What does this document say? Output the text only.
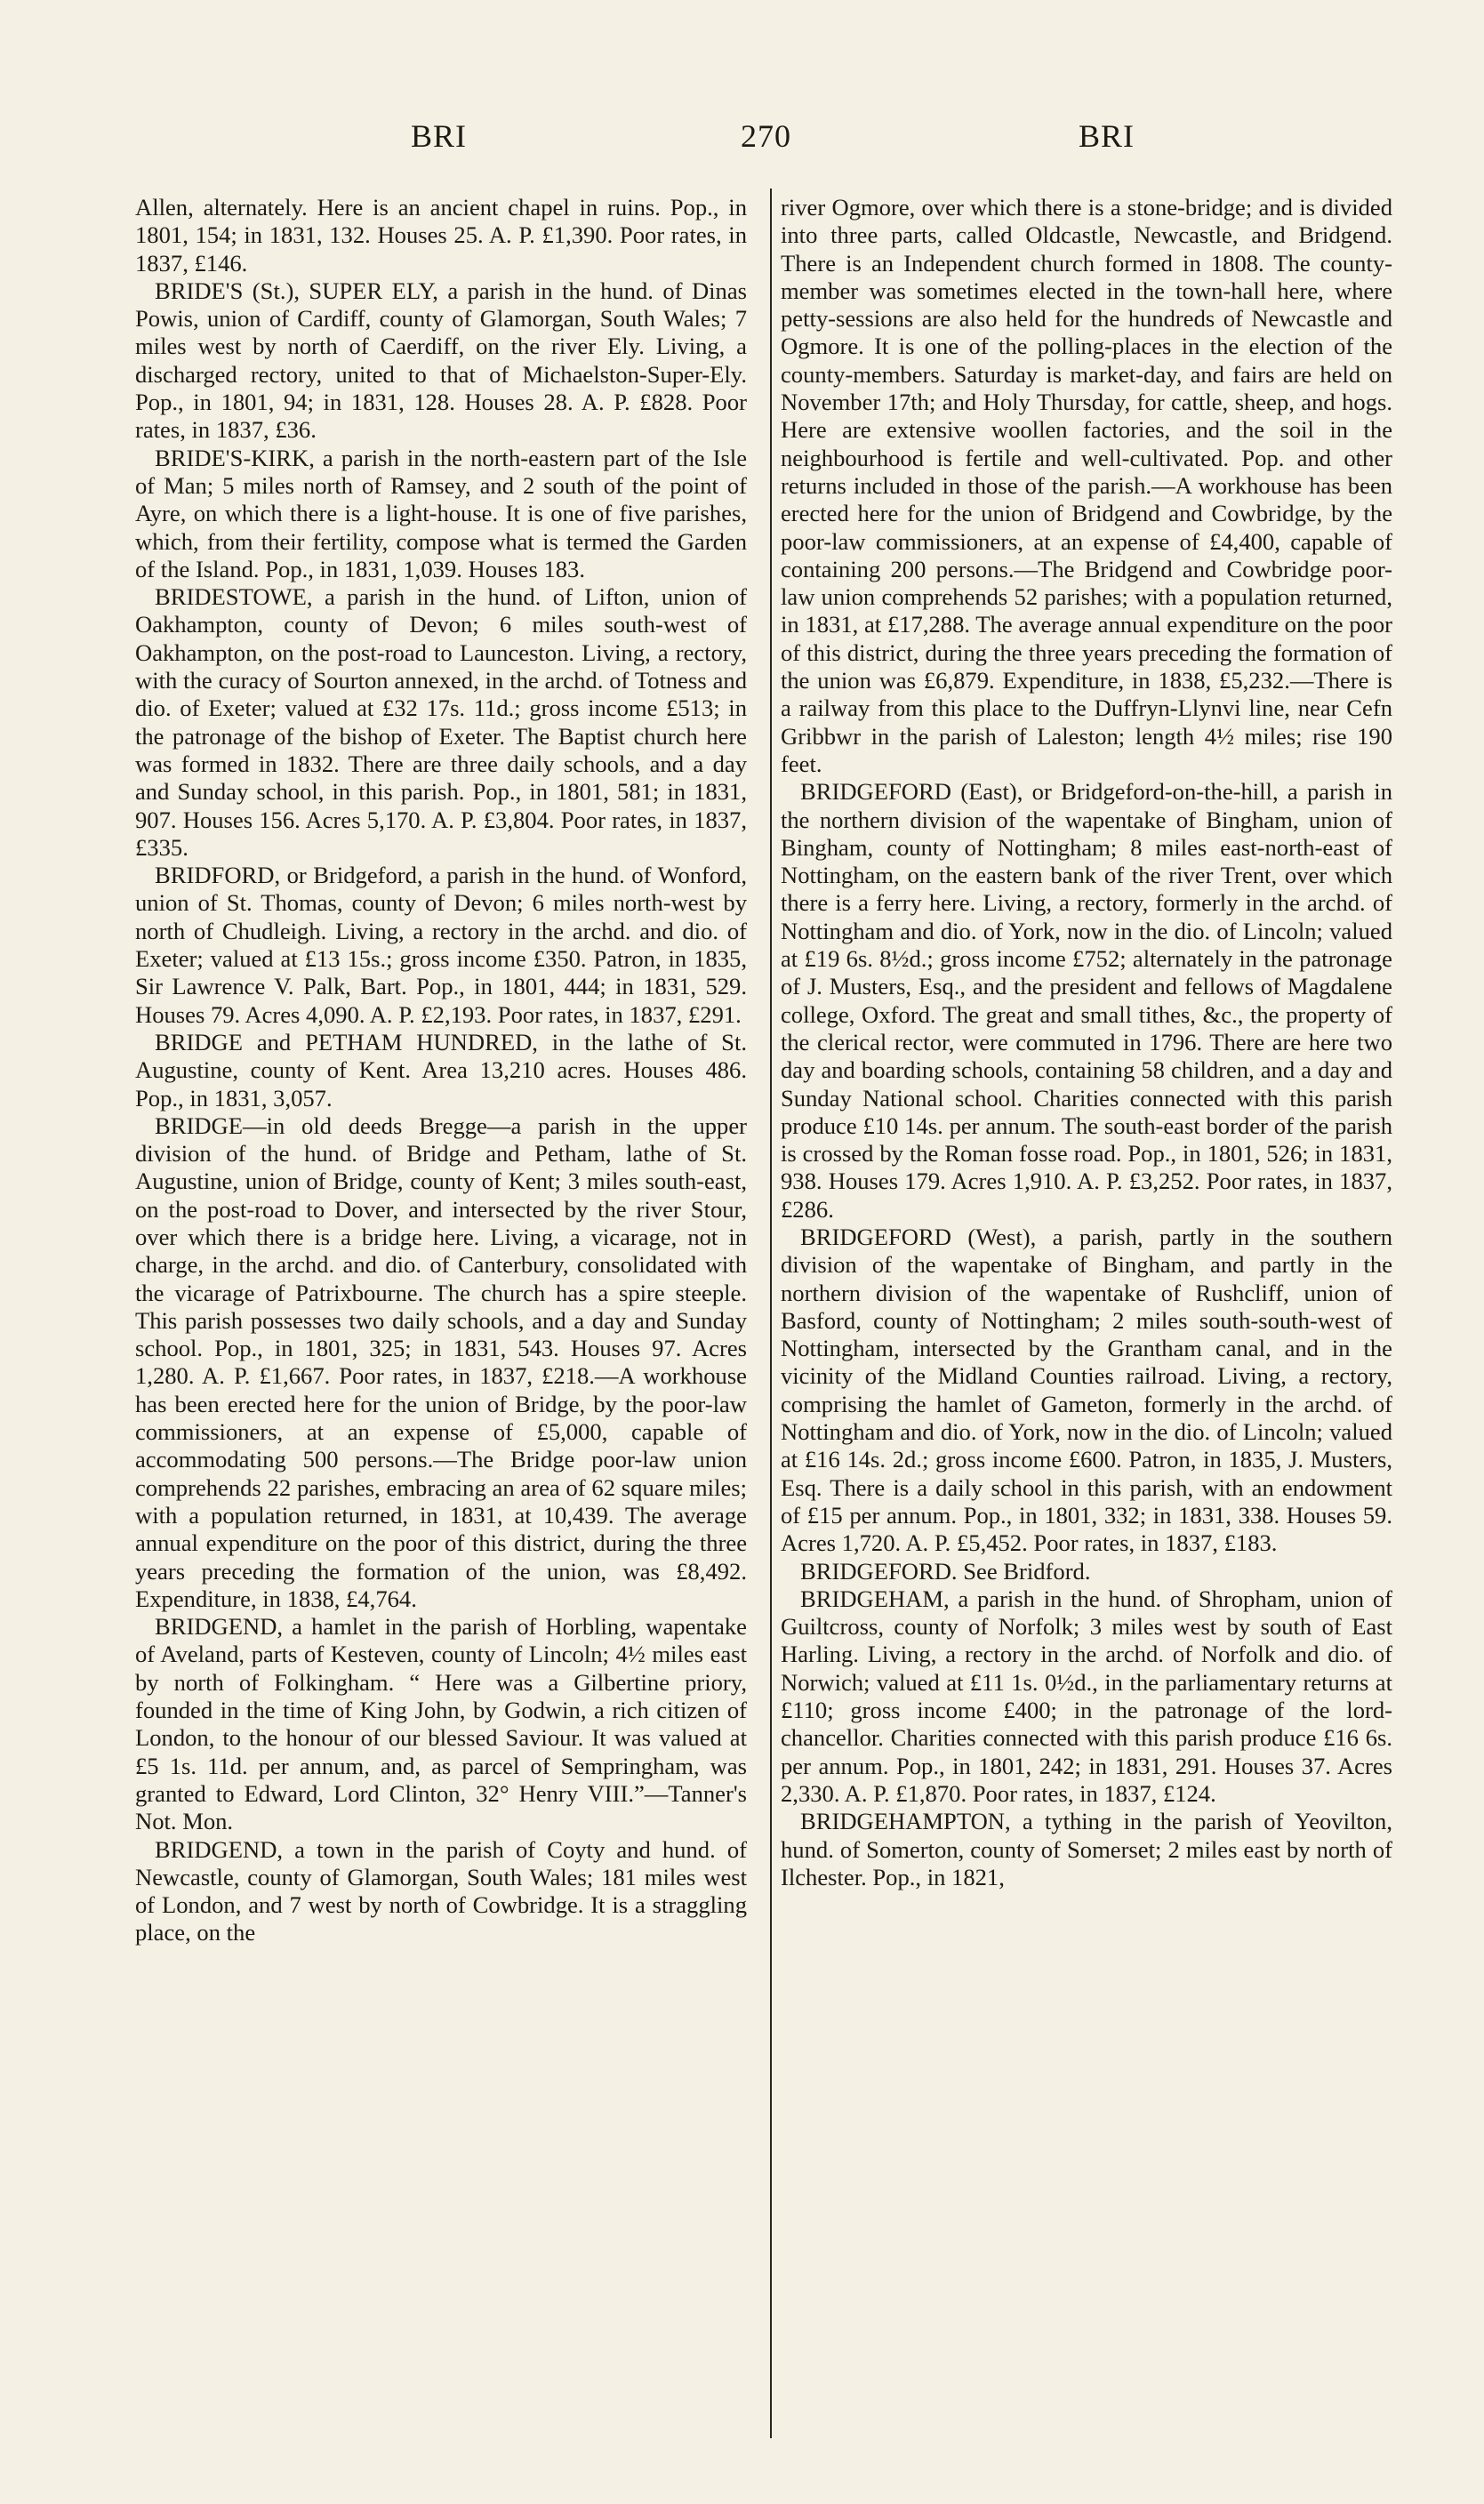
BRI	270	BRI

Allen, alternately. Here is an ancient chapel in ruins. Pop., in 1801, 154; in 1831, 132. Houses 25. A. P. £1,390. Poor rates, in 1837, £146.

BRIDE'S (St.), SUPER ELY, a parish in the hund. of Dinas Powis, union of Cardiff, county of Glamorgan, South Wales; 7 miles west by north of Caerdiff, on the river Ely. Living, a discharged rectory, united to that of Michaelston-Super-Ely. Pop., in 1801, 94; in 1831, 128. Houses 28. A. P. £828. Poor rates, in 1837, £36.

BRIDE'S-KIRK, a parish in the north-eastern part of the Isle of Man; 5 miles north of Ramsey, and 2 south of the point of Ayre, on which there is a light-house. It is one of five parishes, which, from their fertility, compose what is termed the Garden of the Island. Pop., in 1831, 1,039. Houses 183.

BRIDESTOWE, a parish in the hund. of Lifton, union of Oakhampton, county of Devon; 6 miles south-west of Oakhampton, on the post-road to Launceston. Living, a rectory, with the curacy of Sourton annexed, in the archd. of Totness and dio. of Exeter; valued at £32 17s. 11d.; gross income £513; in the patronage of the bishop of Exeter. The Baptist church here was formed in 1832. There are three daily schools, and a day and Sunday school, in this parish. Pop., in 1801, 581; in 1831, 907. Houses 156. Acres 5,170. A. P. £3,804. Poor rates, in 1837, £335.

BRIDFORD, or Bridgeford, a parish in the hund. of Wonford, union of St. Thomas, county of Devon; 6 miles north-west by north of Chudleigh. Living, a rectory in the archd. and dio. of Exeter; valued at £13 15s.; gross income £350. Patron, in 1835, Sir Lawrence V. Palk, Bart. Pop., in 1801, 444; in 1831, 529. Houses 79. Acres 4,090. A. P. £2,193. Poor rates, in 1837, £291.

BRIDGE and PETHAM HUNDRED, in the lathe of St. Augustine, county of Kent. Area 13,210 acres. Houses 486. Pop., in 1831, 3,057.

BRIDGE—in old deeds Bregge—a parish in the upper division of the hund. of Bridge and Petham, lathe of St. Augustine, union of Bridge, county of Kent; 3 miles south-east, on the post-road to Dover, and intersected by the river Stour, over which there is a bridge here. Living, a vicarage, not in charge, in the archd. and dio. of Canterbury, consolidated with the vicarage of Patrixbourne. The church has a spire steeple. This parish possesses two daily schools, and a day and Sunday school. Pop., in 1801, 325; in 1831, 543. Houses 97. Acres 1,280. A. P. £1,667. Poor rates, in 1837, £218.—A workhouse has been erected here for the union of Bridge, by the poor-law commissioners, at an expense of £5,000, capable of accommodating 500 persons.—The Bridge poor-law union comprehends 22 parishes, embracing an area of 62 square miles; with a population returned, in 1831, at 10,439. The average annual expenditure on the poor of this district, during the three years preceding the formation of the union, was £8,492. Expenditure, in 1838, £4,764.

BRIDGEND, a hamlet in the parish of Horbling, wapentake of Aveland, parts of Kesteven, county of Lincoln; 4½ miles east by north of Folkingham. “ Here was a Gilbertine priory, founded in the time of King John, by Godwin, a rich citizen of London, to the honour of our blessed Saviour. It was valued at £5 1s. 11d. per annum, and, as parcel of Sempringham, was granted to Edward, Lord Clinton, 32° Henry VIII.”—Tanner's Not. Mon.

BRIDGEND, a town in the parish of Coyty and hund. of Newcastle, county of Glamorgan, South Wales; 181 miles west of London, and 7 west by north of Cowbridge. It is a straggling place, on the

river Ogmore, over which there is a stone-bridge; and is divided into three parts, called Oldcastle, Newcastle, and Bridgend. There is an Independent church formed in 1808. The county-member was sometimes elected in the town-hall here, where petty-sessions are also held for the hundreds of Newcastle and Ogmore. It is one of the polling-places in the election of the county-members. Saturday is market-day, and fairs are held on November 17th; and Holy Thursday, for cattle, sheep, and hogs. Here are extensive woollen factories, and the soil in the neighbourhood is fertile and well-cultivated. Pop. and other returns included in those of the parish.—A workhouse has been erected here for the union of Bridgend and Cowbridge, by the poor-law commissioners, at an expense of £4,400, capable of containing 200 persons.—The Bridgend and Cowbridge poor-law union comprehends 52 parishes; with a population returned, in 1831, at £17,288. The average annual expenditure on the poor of this district, during the three years preceding the formation of the union was £6,879. Expenditure, in 1838, £5,232.—There is a railway from this place to the Duffryn-Llynvi line, near Cefn Gribbwr in the parish of Laleston; length 4½ miles; rise 190 feet.

BRIDGEFORD (East), or Bridgeford-on-the-hill, a parish in the northern division of the wapentake of Bingham, union of Bingham, county of Nottingham; 8 miles east-north-east of Nottingham, on the eastern bank of the river Trent, over which there is a ferry here. Living, a rectory, formerly in the archd. of Nottingham and dio. of York, now in the dio. of Lincoln; valued at £19 6s. 8½d.; gross income £752; alternately in the patronage of J. Musters, Esq., and the president and fellows of Magdalene college, Oxford. The great and small tithes, &c., the property of the clerical rector, were commuted in 1796. There are here two day and boarding schools, containing 58 children, and a day and Sunday National school. Charities connected with this parish produce £10 14s. per annum. The south-east border of the parish is crossed by the Roman fosse road. Pop., in 1801, 526; in 1831, 938. Houses 179. Acres 1,910. A. P. £3,252. Poor rates, in 1837, £286.

BRIDGEFORD (West), a parish, partly in the southern division of the wapentake of Bingham, and partly in the northern division of the wapentake of Rushcliff, union of Basford, county of Nottingham; 2 miles south-south-west of Nottingham, intersected by the Grantham canal, and in the vicinity of the Midland Counties railroad. Living, a rectory, comprising the hamlet of Gameton, formerly in the archd. of Nottingham and dio. of York, now in the dio. of Lincoln; valued at £16 14s. 2d.; gross income £600. Patron, in 1835, J. Musters, Esq. There is a daily school in this parish, with an endowment of £15 per annum. Pop., in 1801, 332; in 1831, 338. Houses 59. Acres 1,720. A. P. £5,452. Poor rates, in 1837, £183.

BRIDGEFORD. See Bridford.

BRIDGEHAM, a parish in the hund. of Shropham, union of Guiltcross, county of Norfolk; 3 miles west by south of East Harling. Living, a rectory in the archd. of Norfolk and dio. of Norwich; valued at £11 1s. 0½d., in the parliamentary returns at £110; gross income £400; in the patronage of the lord-chancellor. Charities connected with this parish produce £16 6s. per annum. Pop., in 1801, 242; in 1831, 291. Houses 37. Acres 2,330. A. P. £1,870. Poor rates, in 1837, £124.

BRIDGEHAMPTON, a tything in the parish of Yeovilton, hund. of Somerton, county of Somerset; 2 miles east by north of Ilchester. Pop., in 1821,
